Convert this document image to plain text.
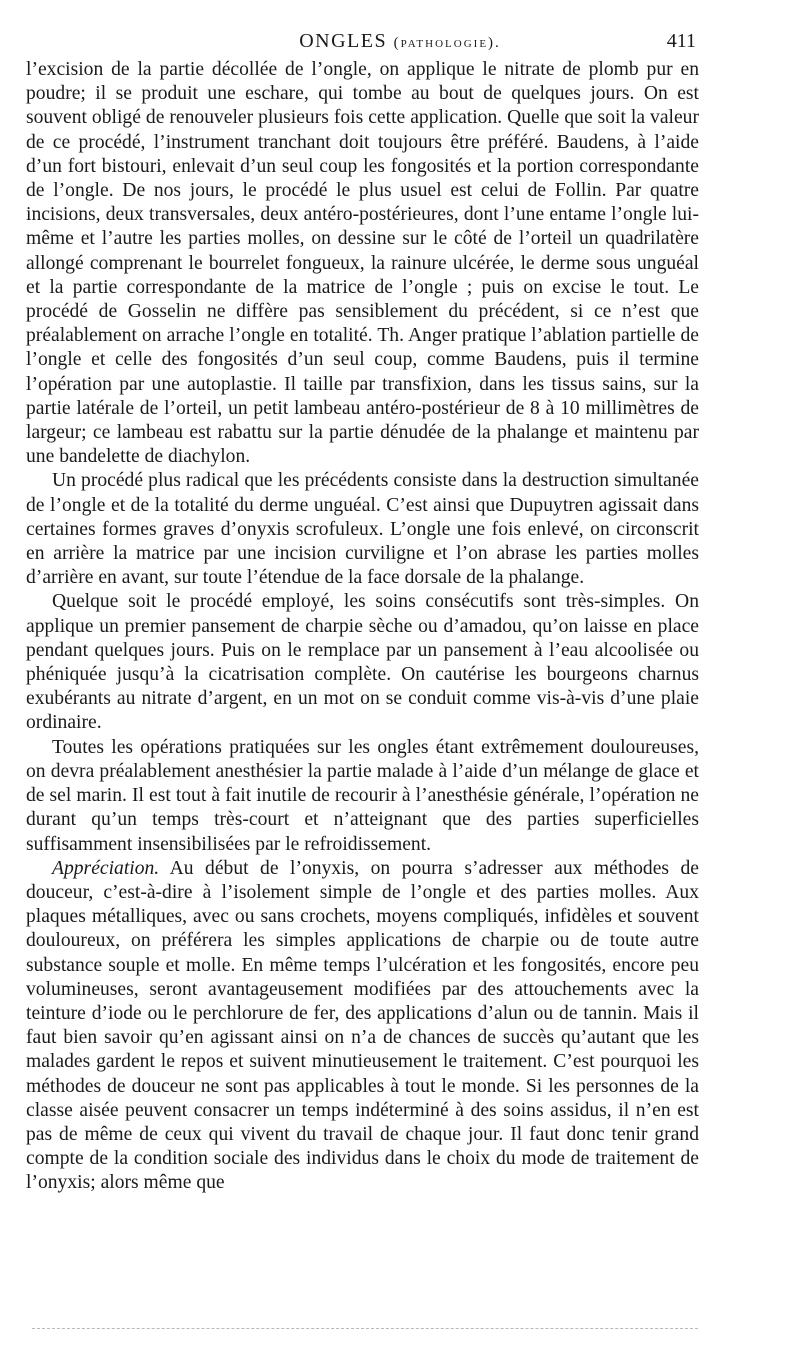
ONGLES (pathologie).	411

l’excision de la partie décollée de l’ongle, on applique le nitrate de plomb pur en poudre; il se produit une eschare, qui tombe au bout de quelques jours. On est souvent obligé de renouveler plusieurs fois cette application. Quelle que soit la valeur de ce procédé, l’instrument tranchant doit toujours être préféré. Baudens, à l’aide d’un fort bistouri, enlevait d’un seul coup les fongosités et la portion correspondante de l’ongle. De nos jours, le procédé le plus usuel est celui de Follin. Par quatre incisions, deux transversales, deux antéro-postérieures, dont l’une entame l’ongle lui-même et l’autre les parties molles, on dessine sur le côté de l’orteil un quadrilatère allongé comprenant le bourrelet fongueux, la rainure ulcérée, le derme sous unguéal et la partie correspondante de la matrice de l’ongle ; puis on excise le tout. Le procédé de Gosselin ne diffère pas sensiblement du précédent, si ce n’est que préalablement on arrache l’ongle en totalité. Th. Anger pratique l’ablation partielle de l’ongle et celle des fongosités d’un seul coup, comme Baudens, puis il termine l’opération par une autoplastie. Il taille par transfixion, dans les tissus sains, sur la partie latérale de l’orteil, un petit lambeau antéro-postérieur de 8 à 10 millimètres de largeur; ce lambeau est rabattu sur la partie dénudée de la phalange et maintenu par une bandelette de diachylon.

Un procédé plus radical que les précédents consiste dans la destruction simultanée de l’ongle et de la totalité du derme unguéal. C’est ainsi que Dupuytren agissait dans certaines formes graves d’onyxis scrofuleux. L’ongle une fois enlevé, on circonscrit en arrière la matrice par une incision curviligne et l’on abrase les parties molles d’arrière en avant, sur toute l’étendue de la face dorsale de la phalange.

Quelque soit le procédé employé, les soins consécutifs sont très-simples. On applique un premier pansement de charpie sèche ou d’amadou, qu’on laisse en place pendant quelques jours. Puis on le remplace par un pansement à l’eau alcoolisée ou phéniquée jusqu’à la cicatrisation complète. On cautérise les bourgeons charnus exubérants au nitrate d’argent, en un mot on se conduit comme vis-à-vis d’une plaie ordinaire.

Toutes les opérations pratiquées sur les ongles étant extrêmement douloureuses, on devra préalablement anesthésier la partie malade à l’aide d’un mélange de glace et de sel marin. Il est tout à fait inutile de recourir à l’anesthésie générale, l’opération ne durant qu’un temps très-court et n’atteignant que des parties superficielles suffisamment insensibilisées par le refroidissement.

Appréciation. Au début de l’onyxis, on pourra s’adresser aux méthodes de douceur, c’est-à-dire à l’isolement simple de l’ongle et des parties molles. Aux plaques métalliques, avec ou sans crochets, moyens compliqués, infidèles et souvent douloureux, on préférera les simples applications de charpie ou de toute autre substance souple et molle. En même temps l’ulcération et les fongosités, encore peu volumineuses, seront avantageusement modifiées par des attouchements avec la teinture d’iode ou le perchlorure de fer, des applications d’alun ou de tannin. Mais il faut bien savoir qu’en agissant ainsi on n’a de chances de succès qu’autant que les malades gardent le repos et suivent minutieusement le traitement. C’est pourquoi les méthodes de douceur ne sont pas applicables à tout le monde. Si les personnes de la classe aisée peuvent consacrer un temps indéterminé à des soins assidus, il n’en est pas de même de ceux qui vivent du travail de chaque jour. Il faut donc tenir grand compte de la condition sociale des individus dans le choix du mode de traitement de l’onyxis; alors même que
